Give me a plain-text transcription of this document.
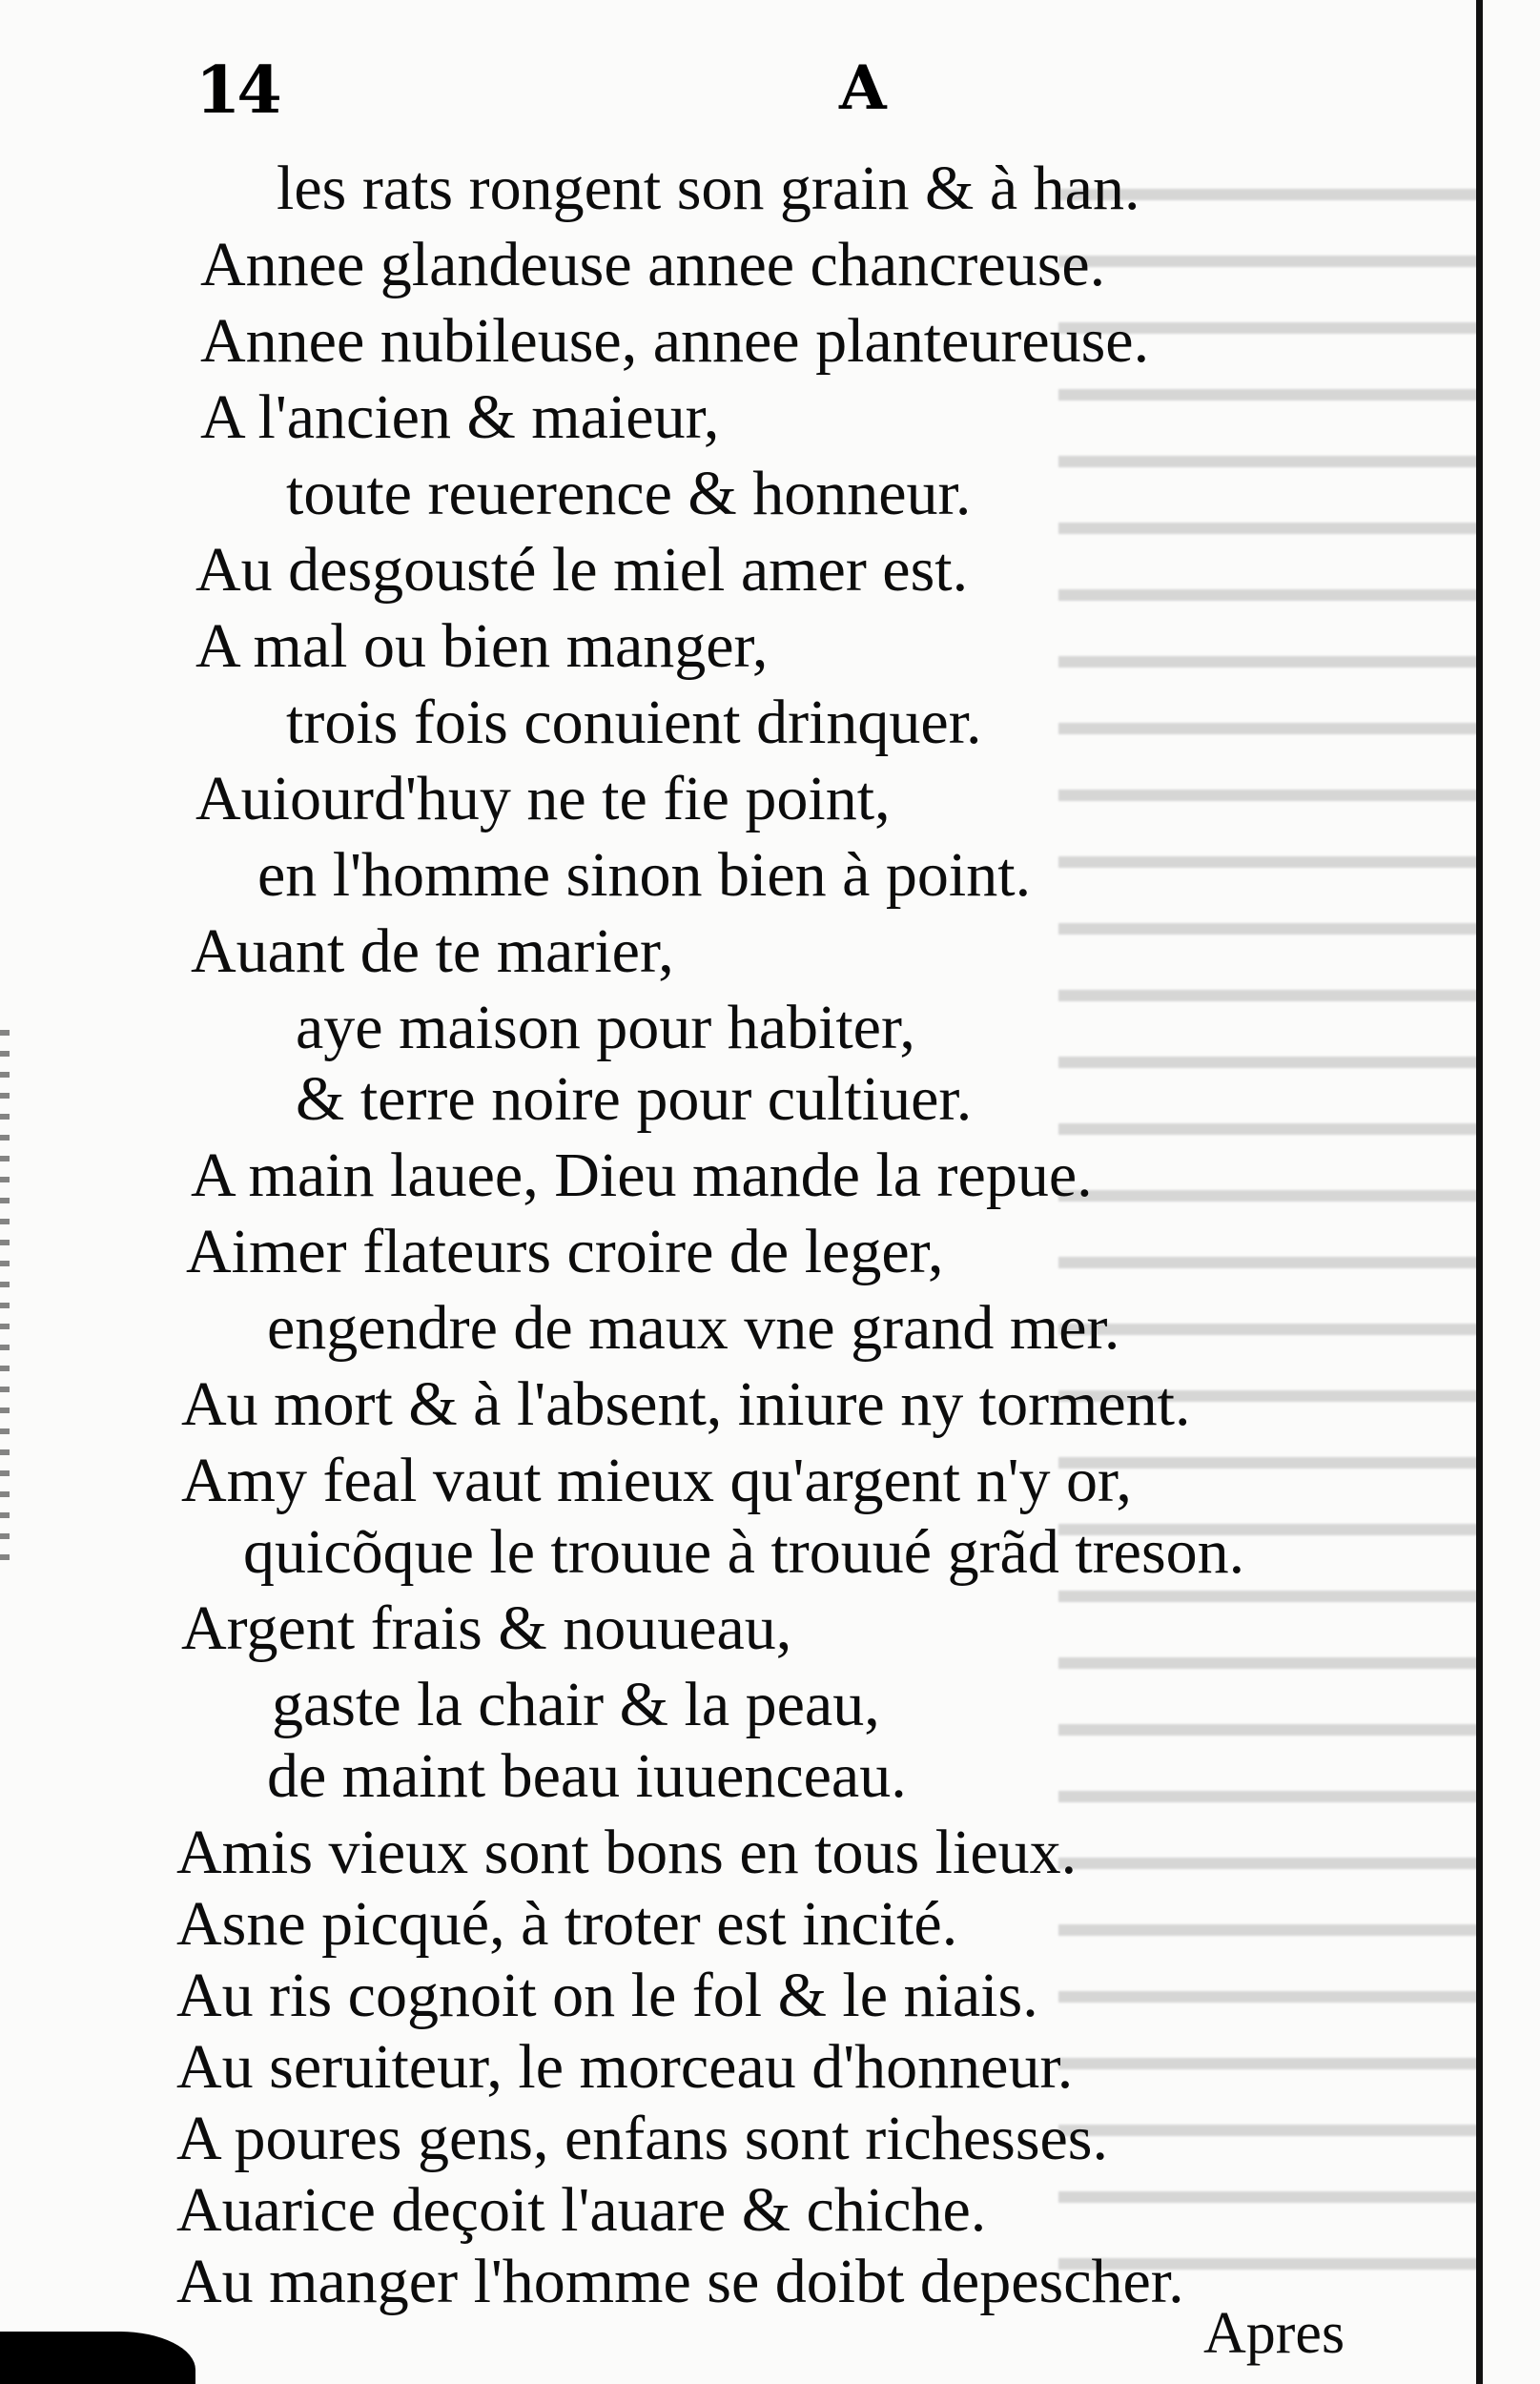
14	A
les rats rongent son grain & à han.
Annee glandeuse annee chancreuse.
Annee nubileuse, annee planteureuse.
A l'ancien & maieur,
toute reuerence & honneur.
Au desgousté le miel amer est.
A mal ou bien manger,
trois fois conuient drinquer.
Auiourd'huy ne te fie point,
en l'homme sinon bien à point.
Auant de te marier,
aye maison pour habiter,
& terre noire pour cultiuer.
A main lauee, Dieu mande la repue.
Aimer flateurs croire de leger,
engendre de maux vne grand mer.
Au mort & à l'absent, iniure ny torment.
Amy feal vaut mieux qu'argent n'y or,
quicõque le trouue à trouué grãd treson.
Argent frais & nouueau,
gaste la chair & la peau,
de maint beau iuuenceau.
Amis vieux sont bons en tous lieux.
Asne picqué, à troter est incité.
Au ris cognoit on le fol & le niais.
Au seruiteur, le morceau d'honneur.
A poures gens, enfans sont richesses.
Auarice deçoit l'auare & chiche.
Au manger l'homme se doibt depescher.
Apres
